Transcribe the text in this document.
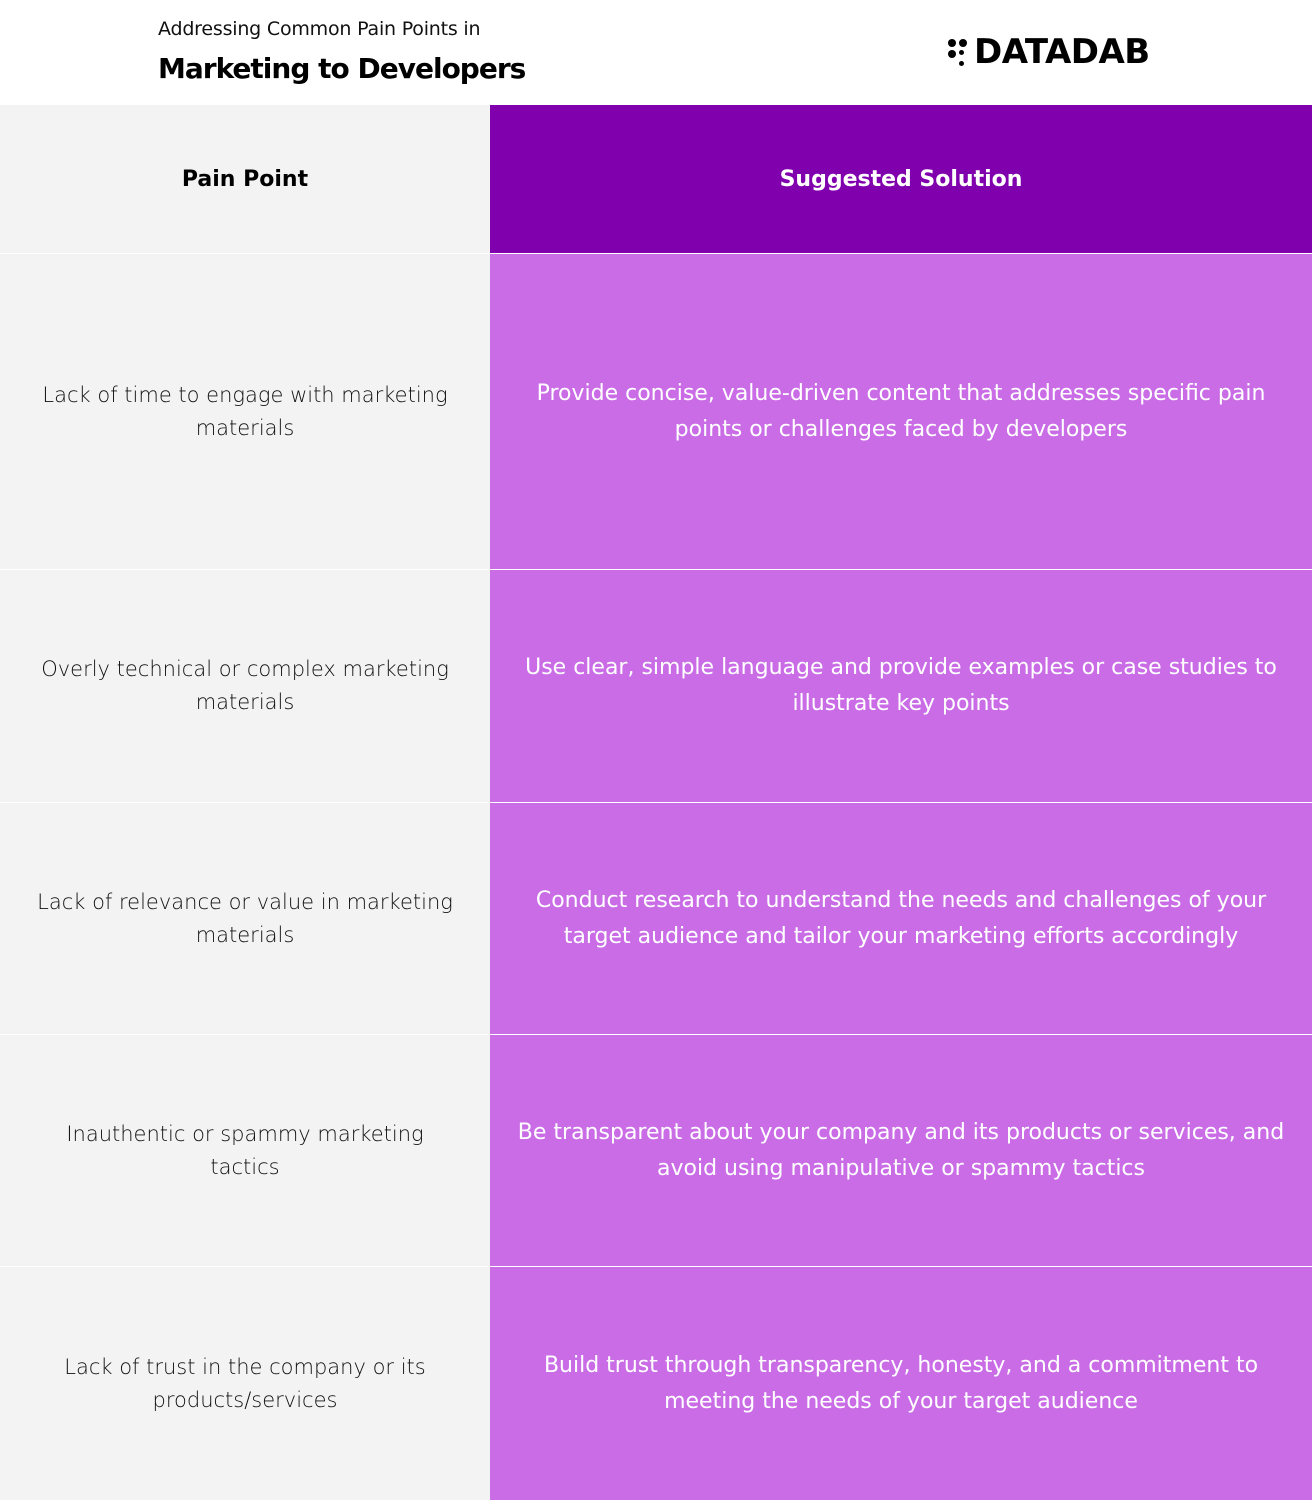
Addressing Common Pain Points in
Marketing to Developers	DATADAB
Pain Point	Suggested Solution
Lack of time to engage with marketing materials
Provide concise, value-driven content that addresses specific pain points or challenges faced by developers
Overly technical or complex marketing materials
Use clear, simple language and provide examples or case studies to illustrate key points
Lack of relevance or value in marketing materials
Conduct research to understand the needs and challenges of your target audience and tailor your marketing efforts accordingly
Inauthentic or spammy marketing tactics
Be transparent about your company and its products or services, and avoid using manipulative or spammy tactics
Lack of trust in the company or its products/services
Build trust through transparency, honesty, and a commitment to meeting the needs of your target audience
